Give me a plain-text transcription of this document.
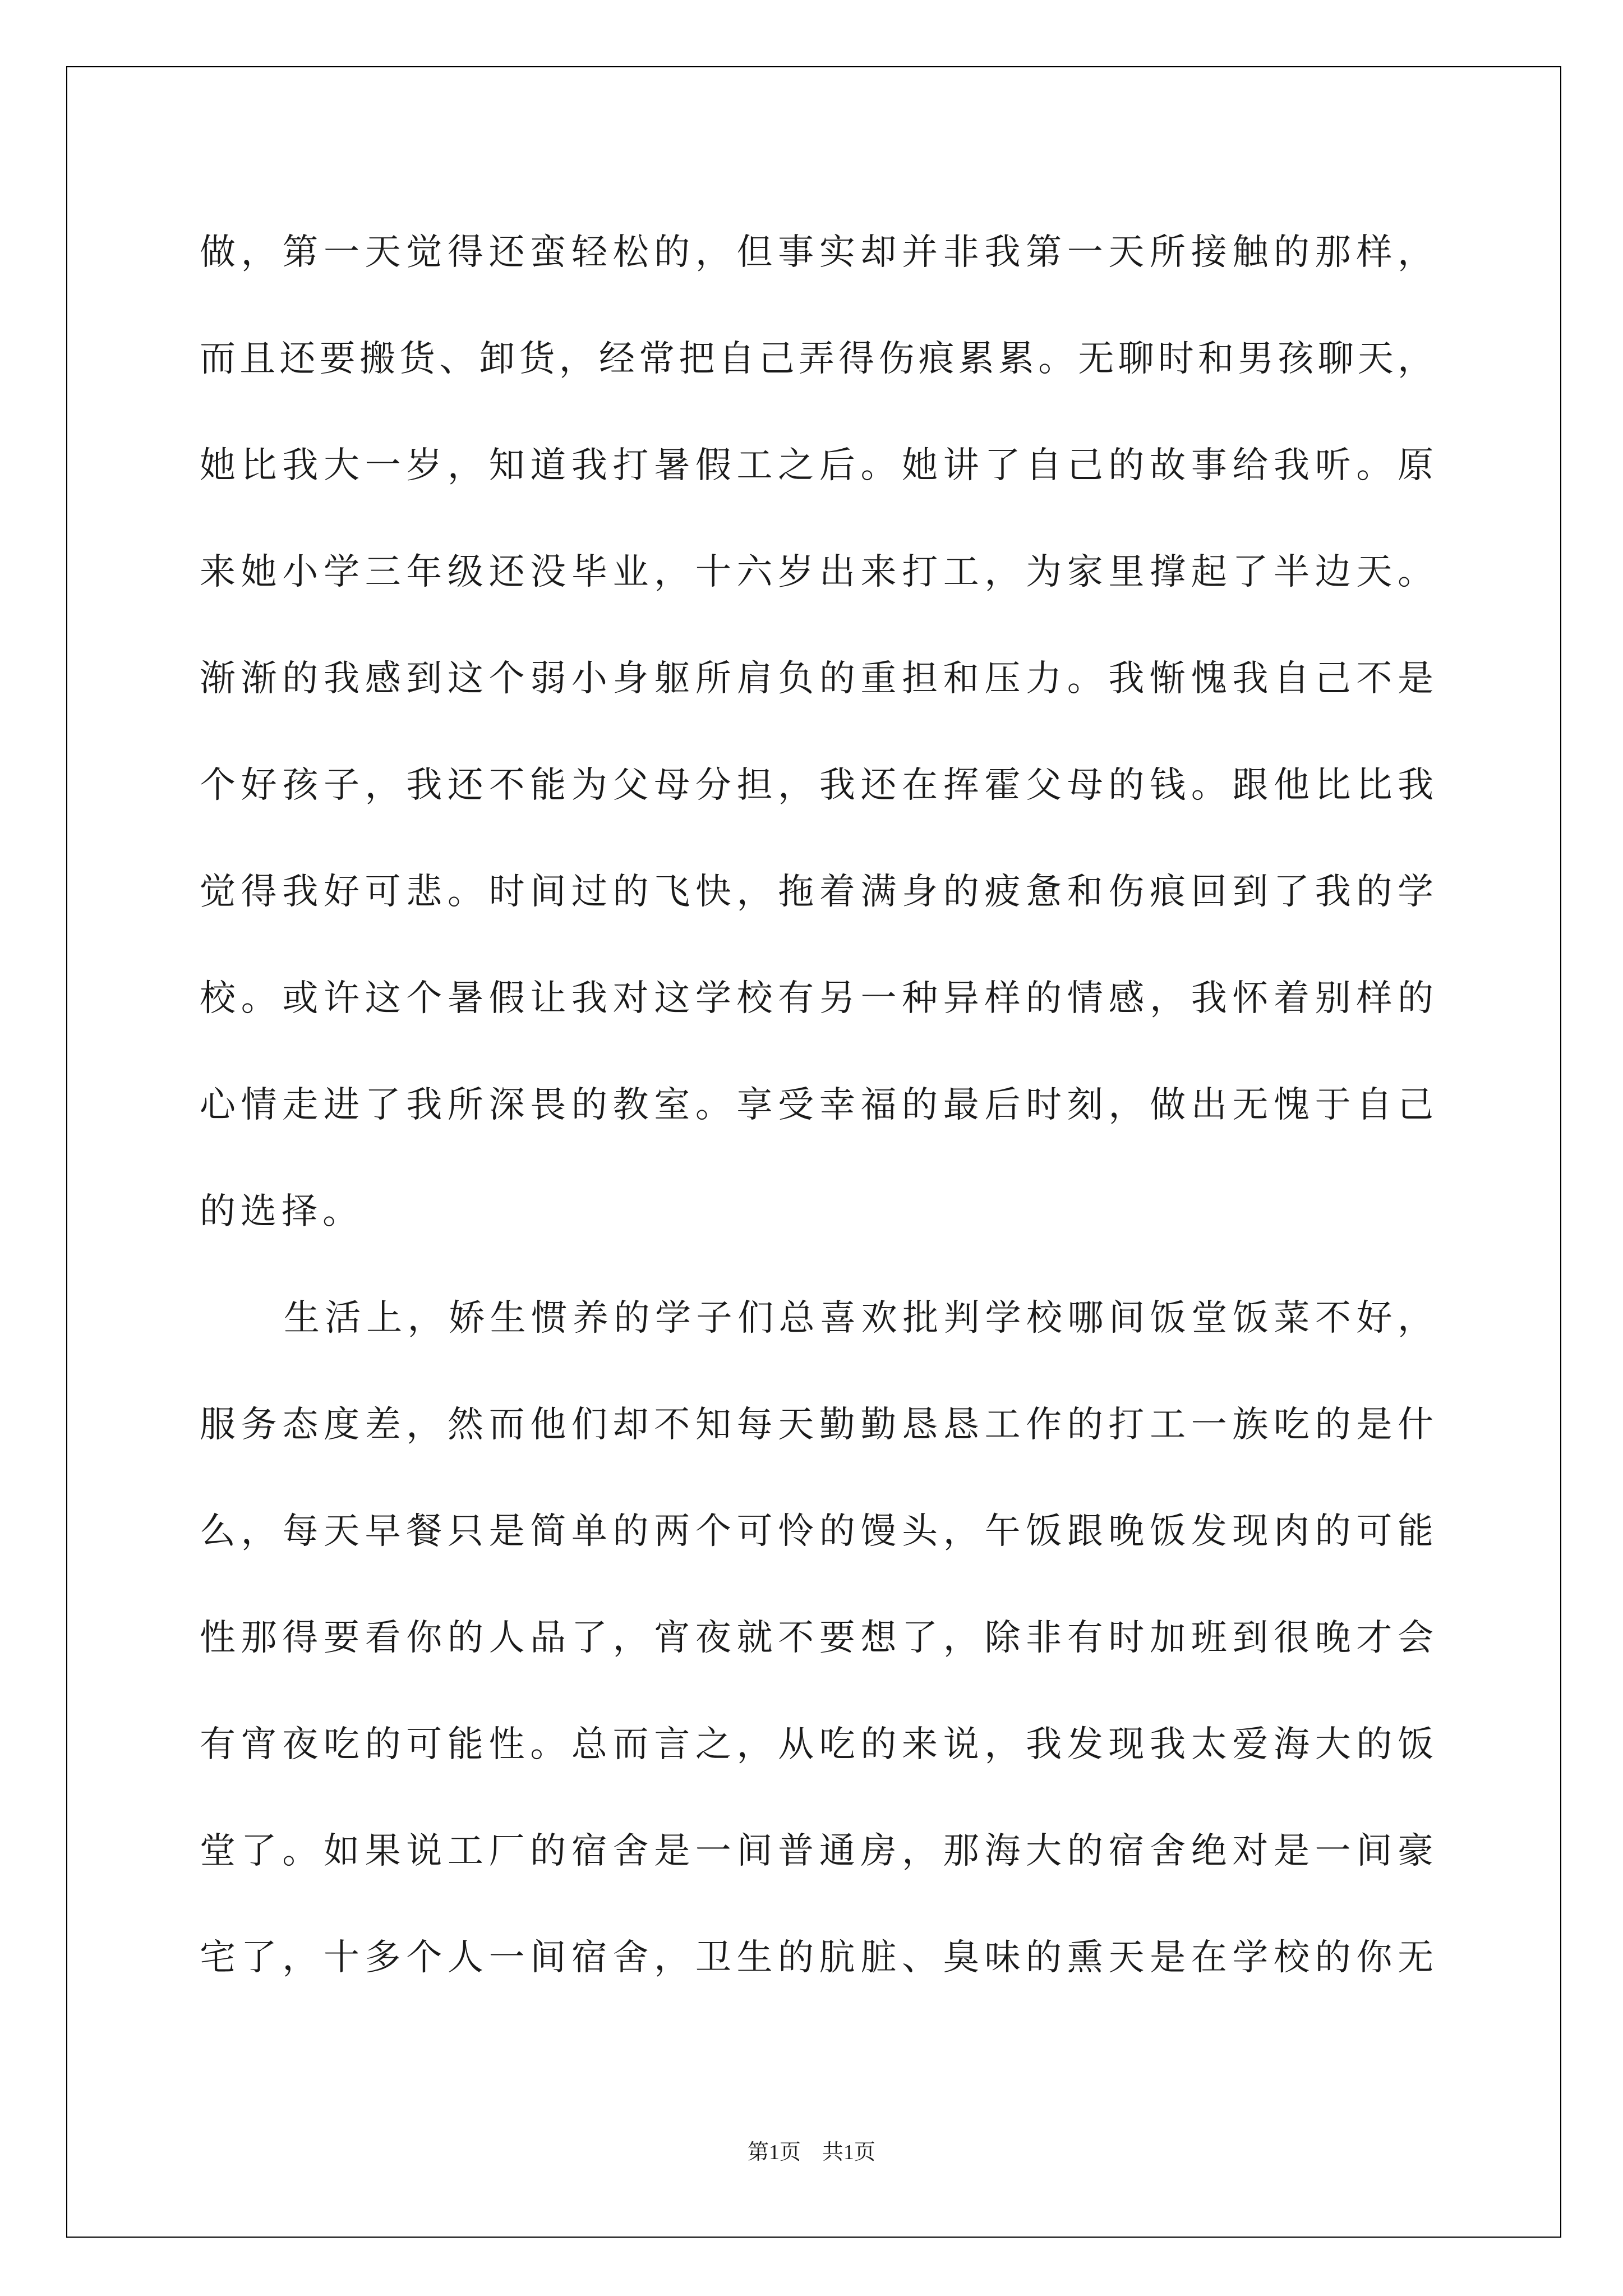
做，第一天觉得还蛮轻松的，但事实却并非我第一天所接触的那样，
而且还要搬货、卸货，经常把自己弄得伤痕累累。无聊时和男孩聊天，
她比我大一岁，知道我打暑假工之后。她讲了自己的故事给我听。原
来她小学三年级还没毕业，十六岁出来打工，为家里撑起了半边天。
渐渐的我感到这个弱小身躯所肩负的重担和压力。我惭愧我自己不是
个好孩子，我还不能为父母分担，我还在挥霍父母的钱。跟他比比我
觉得我好可悲。时间过的飞快，拖着满身的疲惫和伤痕回到了我的学
校。或许这个暑假让我对这学校有另一种异样的情感，我怀着别样的
心情走进了我所深畏的教室。享受幸福的最后时刻，做出无愧于自己
的选择。
生活上，娇生惯养的学子们总喜欢批判学校哪间饭堂饭菜不好，
服务态度差，然而他们却不知每天勤勤恳恳工作的打工一族吃的是什
么，每天早餐只是简单的两个可怜的馒头，午饭跟晚饭发现肉的可能
性那得要看你的人品了，宵夜就不要想了，除非有时加班到很晚才会
有宵夜吃的可能性。总而言之，从吃的来说，我发现我太爱海大的饭
堂了。如果说工厂的宿舍是一间普通房，那海大的宿舍绝对是一间豪
宅了，十多个人一间宿舍，卫生的肮脏、臭味的熏天是在学校的你无
第1页　共1页
